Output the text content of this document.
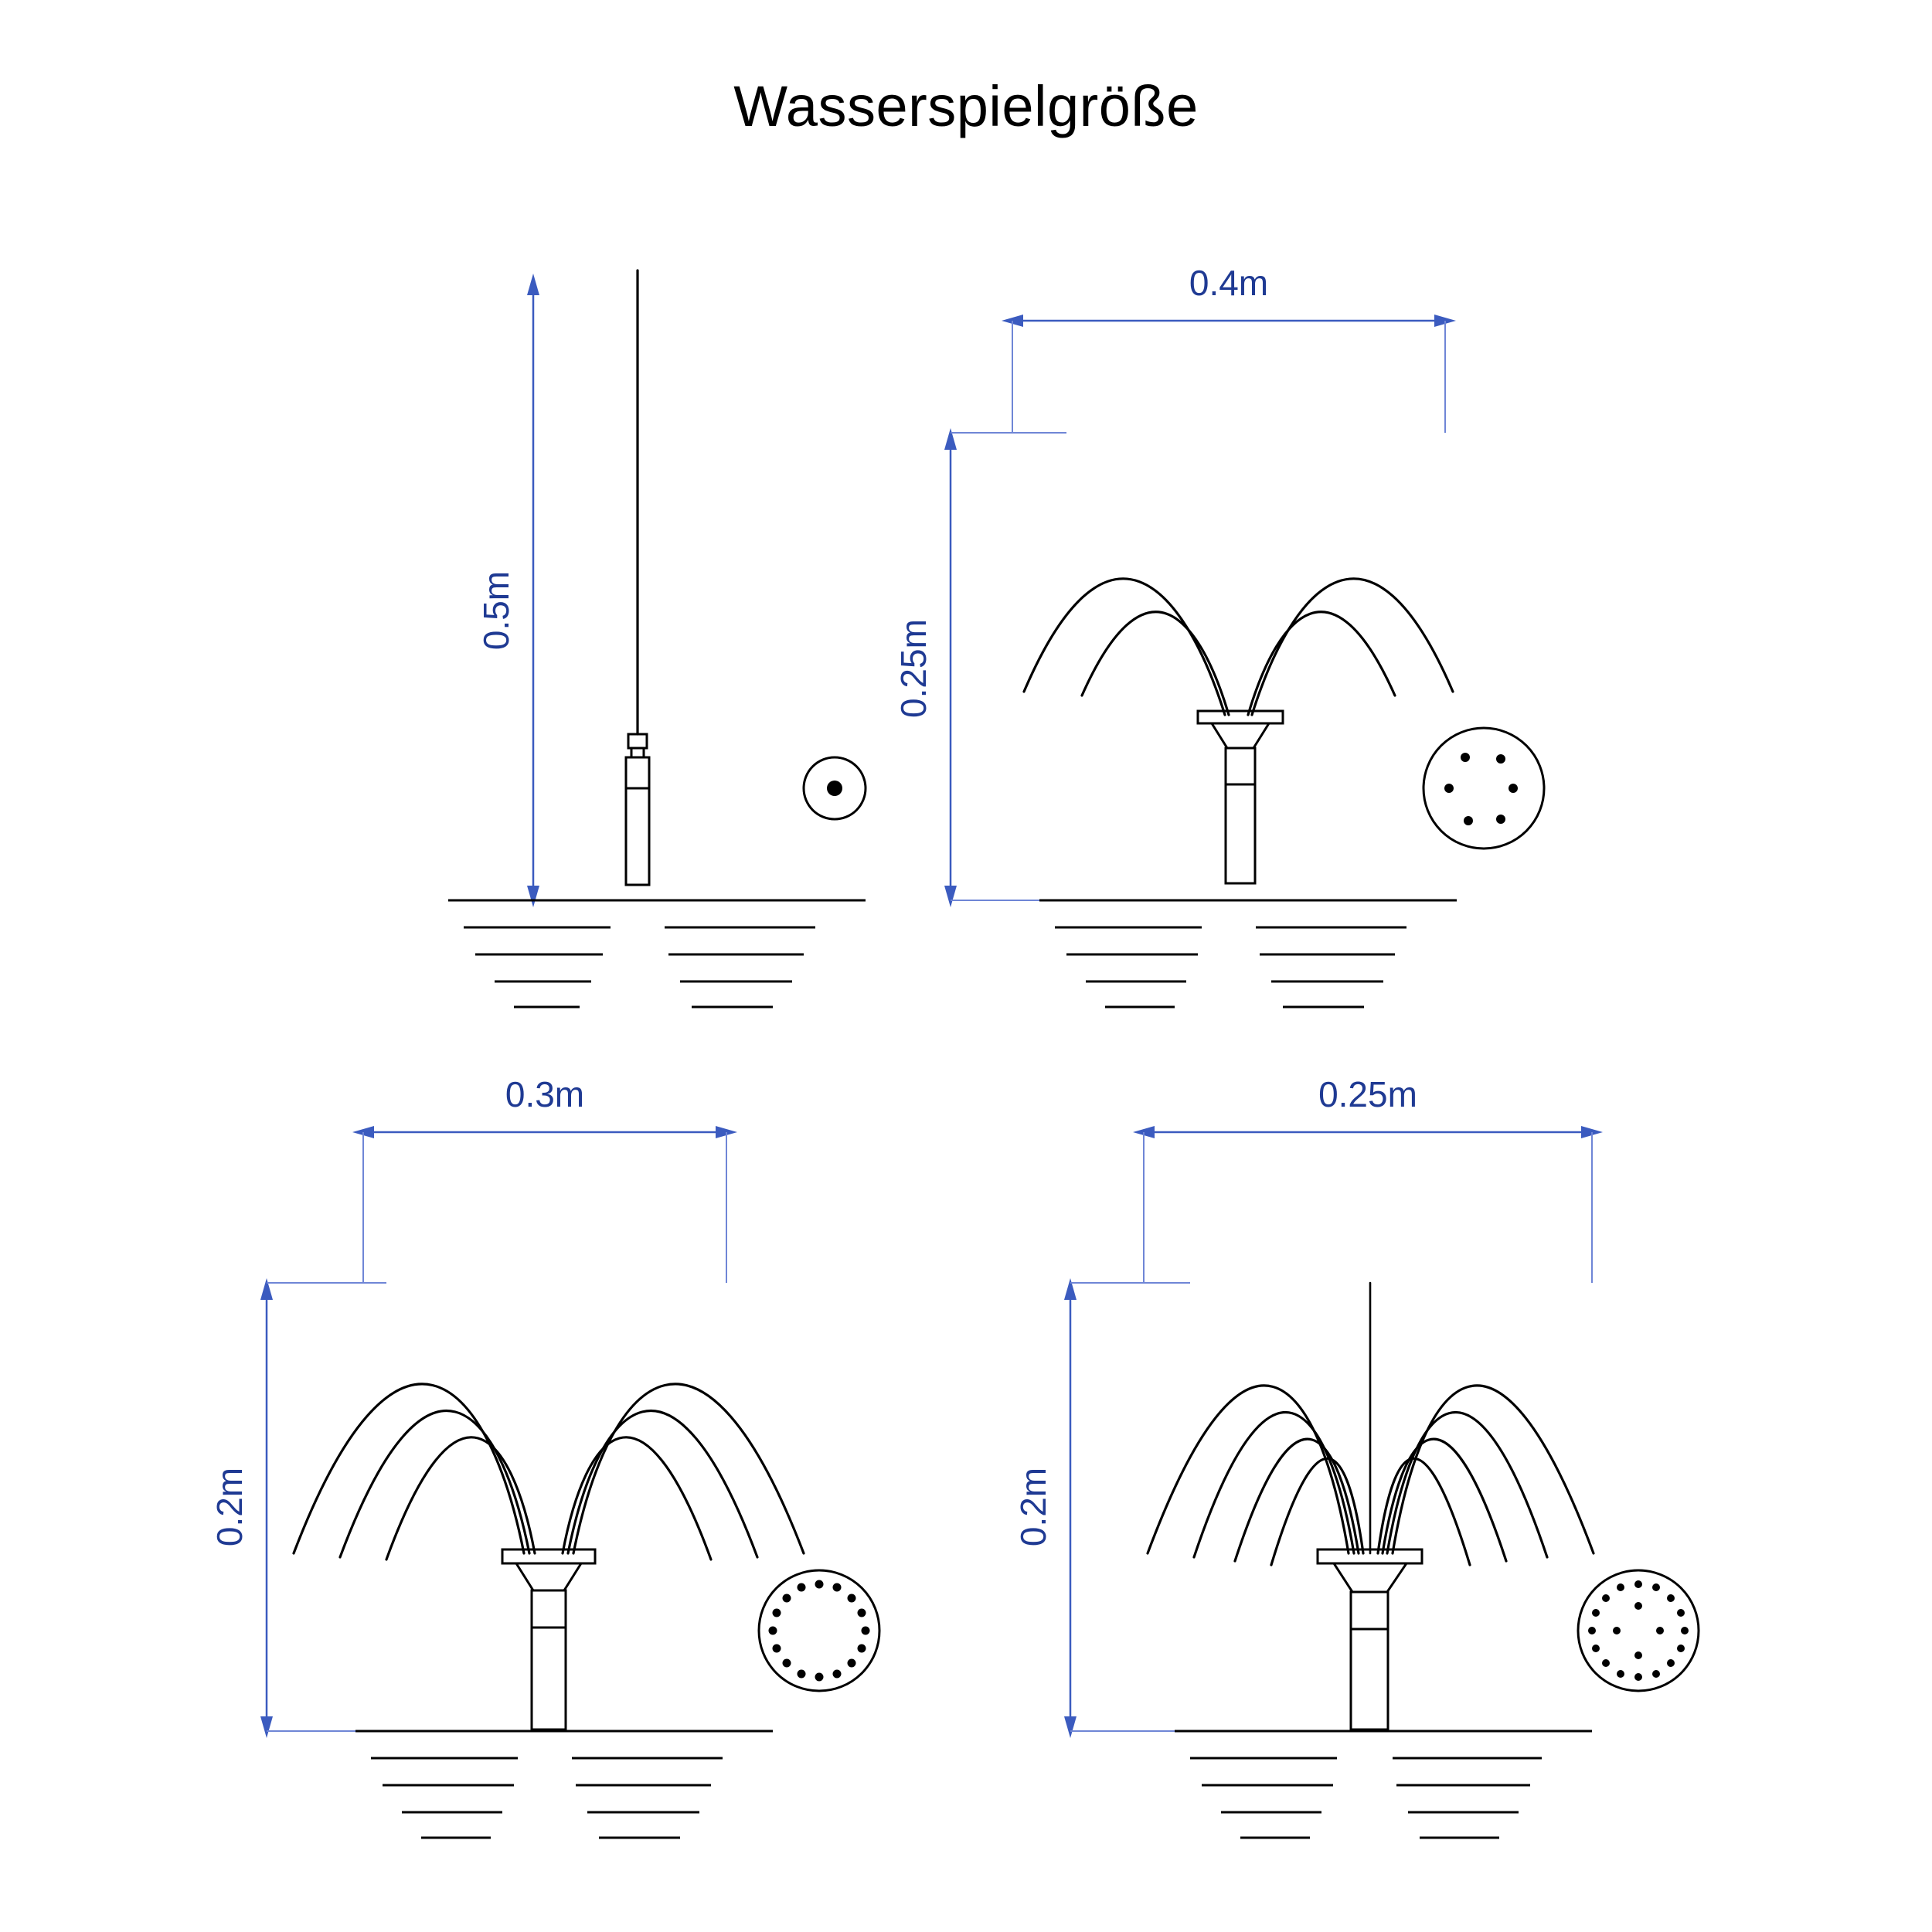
Wasserspielgröße
0.5m
0.4m
0.25m
0.3m
0.2m
0.25m
0.2m
